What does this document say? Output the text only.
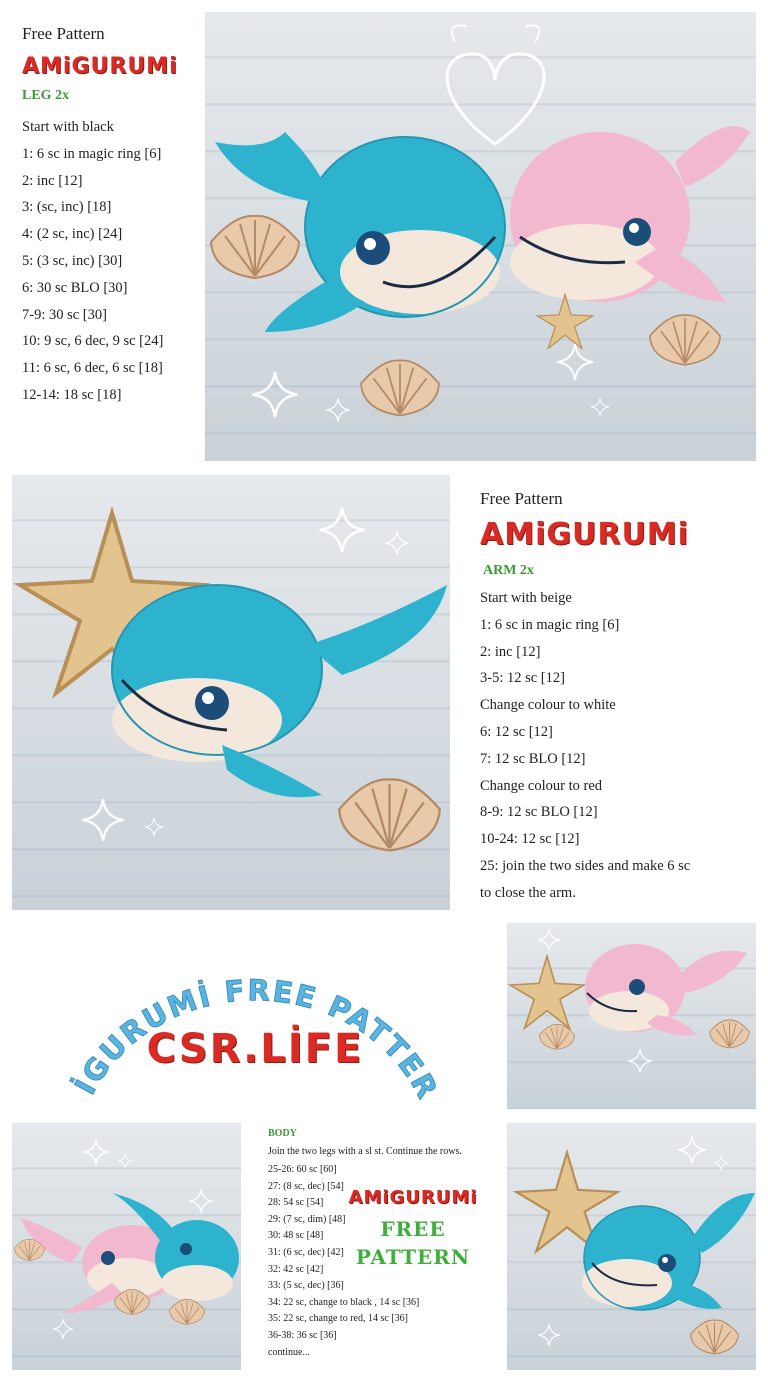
Free Pattern
AMiGURUMi
LEG 2x
Start with black
1: 6 sc in magic ring [6]
2: inc [12]
3: (sc, inc) [18]
4: (2 sc, inc) [24]
5: (3 sc, inc) [30]
6: 30 sc BLO [30]
7-9: 30 sc [30]
10: 9 sc, 6 dec, 9 sc [24]
11: 6 sc, 6 dec, 6 sc [18]
12-14: 18 sc [18]
Free Pattern
AMiGURUMi
ARM 2x
Start with beige
1: 6 sc in magic ring [6]
2: inc [12]
3-5: 12 sc [12]
Change colour to white
6: 12 sc [12]
7: 12 sc BLO [12]
Change colour to red
8-9: 12 sc BLO [12]
10-24: 12 sc [12]
25: join the two sides and make 6 sc
to close the arm.
İGURUMİ FREE PATTER
CSR.LİFE
BODY
Join the two legs with a sl st. Continue the rows.
25-26: 60 sc [60]
27: (8 sc, dec) [54]
28: 54 sc [54]
29: (7 sc, dim) [48]
30: 48 sc [48]
31: (6 sc, dec) [42]
32: 42 sc [42]
33: (5 sc, dec) [36]
34: 22 sc, change to black , 14 sc [36]
35: 22 sc, change to red, 14 sc [36]
36-38: 36 sc [36]
continue...
AMiGURUMi
FREE
PATTERN
